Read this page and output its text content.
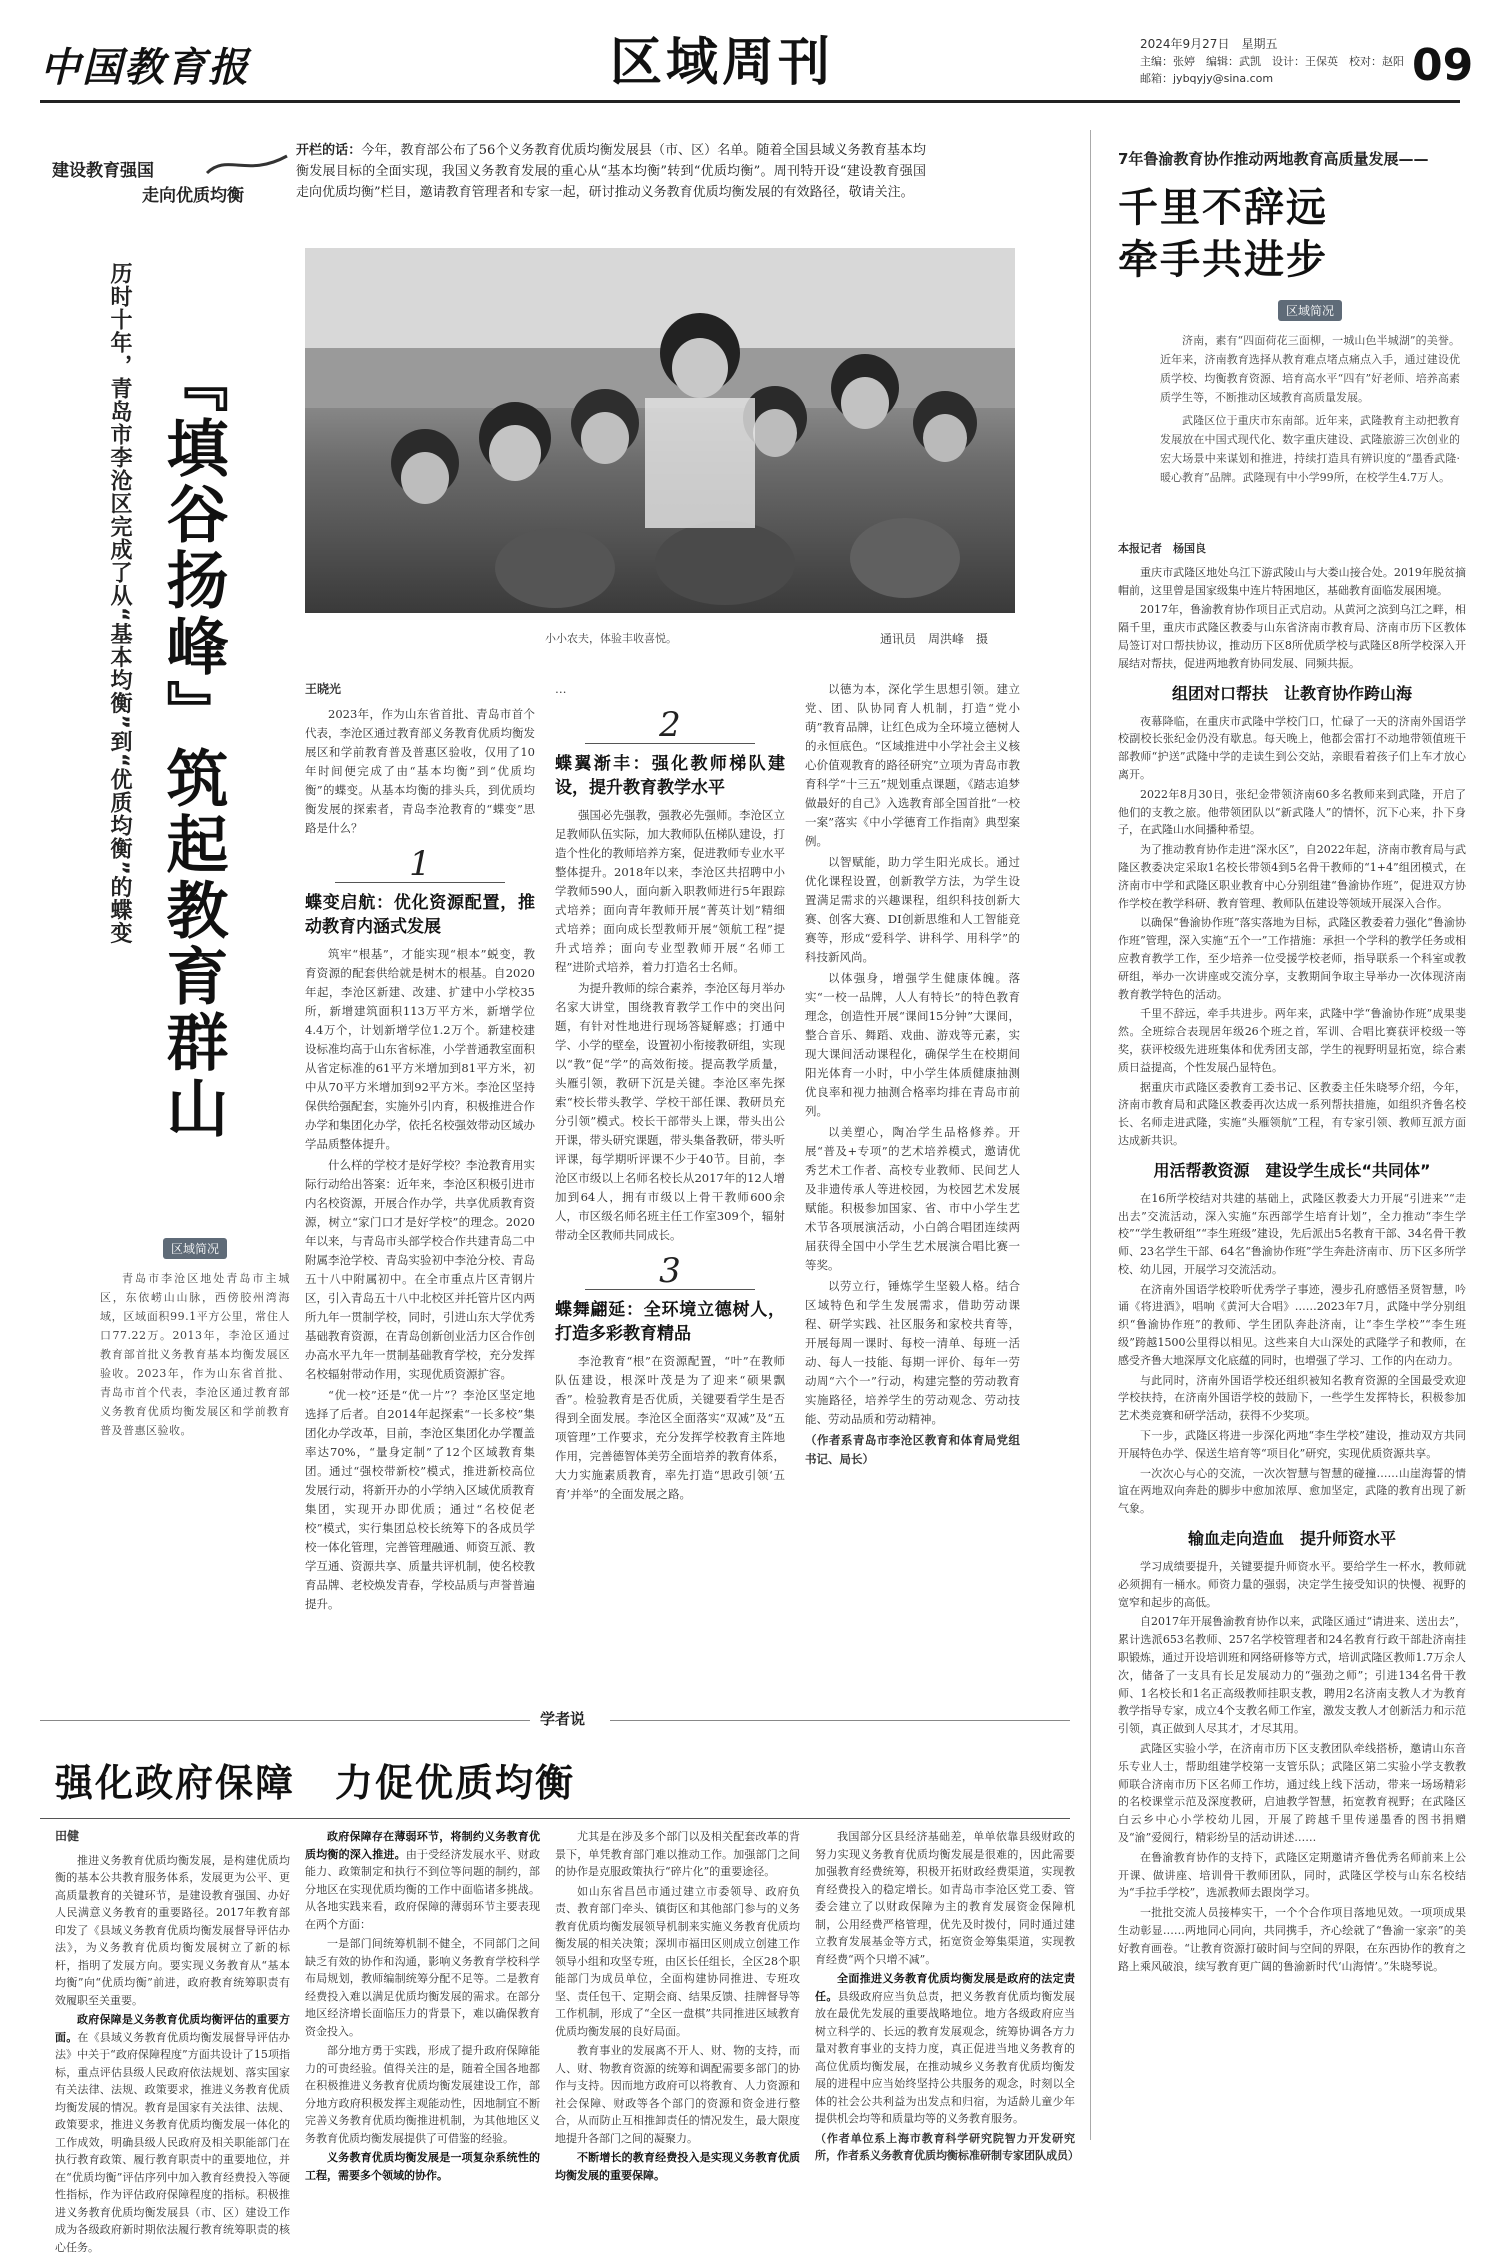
中国教育报	区域周刊	2024年9月27日　 星期五
主编：张婷　编辑：武凯　设计：王保英　校对：赵阳
邮箱：jybqyjy@sina.com	09
建设教育强国
走向优质均衡
开栏的话：今年，教育部公布了56个义务教育优质均衡发展县（市、区）名单。随着全国县域义务教育基本均衡发展目标的全面实现，我国义务教育发展的重心从“基本均衡”转到“优质均衡”。周刊特开设“建设教育强国　走向优质均衡”栏目，邀请教育管理者和专家一起，研讨推动义务教育优质均衡发展的有效路径，敬请关注。
历时十年，青岛市李沧区完成了从“基本均衡”到“优质均衡”的蝶变 『填谷扬峰』筑起教育群山
区域简况
青岛市李沧区地处青岛市主城区，东依崂山山脉，西傍胶州湾海域，区域面积99.1平方公里，常住人口77.22万。2013年，李沧区通过教育部首批义务教育基本均衡发展区验收。2023年，作为山东省首批、青岛市首个代表，李沧区通过教育部义务教育优质均衡发展区和学前教育普及普惠区验收。
小小农夫，体验丰收喜悦。	通讯员　周洪峰　摄

王晓光

2023年，作为山东省首批、青岛市首个代表，李沧区通过教育部义务教育优质均衡发展区和学前教育普及普惠区验收，仅用了10年时间便完成了由“基本均衡”到“优质均衡”的蝶变。从基本均衡的排头兵，到优质均衡发展的探索者，青岛李沧教育的“蝶变”思路是什么？

1
蝶变启航：优化资源配置，推动教育内涵式发展

筑牢“根基”，才能实现“根本”蜕变，教育资源的配套供给就是树木的根基。自2020年起，李沧区新建、改建、扩建中小学校35所，新增建筑面积113万平方米，新增学位4.4万个，计划新增学位1.2万个。新建校建设标准均高于山东省标准，小学普通教室面积从省定标准的61平方米增加到81平方米，初中从70平方米增加到92平方米。李沧区坚持保供给强配套，实施外引内育，积极推进合作办学和集团化办学，依托名校强效带动区域办学品质整体提升。

什么样的学校才是好学校？李沧教育用实际行动给出答案：近年来，李沧区积极引进市内名校资源，开展合作办学，共享优质教育资源，树立“家门口才是好学校”的理念。2020年以来，与青岛市头部学校合作共建青岛二中附属李沧学校、青岛实验初中李沧分校、青岛五十八中附属初中。在全市重点片区青钢片区，引入青岛五十八中北校区并托管片区内两所九年一贯制学校，同时，引进山东大学优秀基础教育资源，在青岛创新创业活力区合作创办高水平九年一贯制基础教育学校，充分发挥名校辐射带动作用，实现优质资源扩容。

“优一校”还是“优一片”？李沧区坚定地选择了后者。自2014年起探索“一长多校”集团化办学改革，目前，李沧区集团化办学覆盖率达70%，“量身定制”了12个区域教育集团。通过“强校带新校”模式，推进新校高位发展行动，将新开办的小学纳入区域优质教育集团，实现开办即优质；通过“名校促老校”模式，实行集团总校长统筹下的各成员学校一体化管理，完善管理融通、师资互派、教学互通、资源共享、质量共评机制，使名校教育品牌、老校焕发青春，学校品质与声誉普遍提升。

…

2
蝶翼渐丰：强化教师梯队建设，提升教育教学水平

强国必先强教，强教必先强师。李沧区立足教师队伍实际，加大教师队伍梯队建设，打造个性化的教师培养方案，促进教师专业水平整体提升。2018年以来，李沧区共招聘中小学教师590人，面向新入职教师进行5年跟踪式培养；面向青年教师开展“菁英计划”精细式培养；面向成长型教师开展“领航工程”提升式培养；面向专业型教师开展“名师工程”进阶式培养，着力打造名士名师。

为提升教师的综合素养，李沧区每月举办名家大讲堂，围绕教育教学工作中的突出问题，有针对性地进行现场答疑解惑；打通中学、小学的壁垒，设置初小衔接教研组，实现以“教”促“学”的高效衔接。提高教学质量，头雁引领，教研下沉是关键。李沧区率先探索“校长带头教学、学校干部任课、教研员充分引领”模式。校长干部带头上课，带头出公开课，带头研究课题，带头集备教研，带头听评课，每学期听评课不少于40节。目前，李沧区市级以上名师名校长从2017年的12人增加到64人，拥有市级以上骨干教师600余人，市区级名师名班主任工作室309个，辐射带动全区教师共同成长。

3
蝶舞翩延：全环境立德树人，打造多彩教育精品

李沧教育“根”在资源配置，“叶”在教师队伍建设，根深叶茂是为了迎来“硕果飘香”。检验教育是否优质，关键要看学生是否得到全面发展。李沧区全面落实“双减”及“五项管理”工作要求，充分发挥学校教育主阵地作用，完善德智体美劳全面培养的教育体系，大力实施素质教育，率先打造“思政引领‘五育’并举”的全面发展之路。

以德为本，深化学生思想引领。建立党、团、队协同育人机制，打造“党小萌”教育品牌，让红色成为全环境立德树人的永恒底色。“区域推进中小学社会主义核心价值观教育的路径研究”立项为青岛市教育科学“十三五”规划重点课题，《踏志追梦做最好的自己》入选教育部全国首批“一校一案”落实《中小学德育工作指南》典型案例。

以智赋能，助力学生阳光成长。通过优化课程设置，创新教学方法，为学生设置满足需求的兴趣课程，组织科技创新大赛、创客大赛、DI创新思维和人工智能竞赛等，形成“爱科学、讲科学、用科学”的科技新风尚。

以体强身，增强学生健康体魄。落实“一校一品牌，人人有特长”的特色教育理念，创造性开展“课间15分钟”大课间，整合音乐、舞蹈、戏曲、游戏等元素，实现大课间活动课程化，确保学生在校期间阳光体育一小时，中小学生体质健康抽测优良率和视力抽测合格率均排在青岛市前列。

以美塑心，陶冶学生品格修养。开展“普及+专项”的艺术培养模式，邀请优秀艺术工作者、高校专业教师、民间艺人及非遗传承人等进校园，为校园艺术发展赋能。积极参加国家、省、市中小学生艺术节各项展演活动，小白鸽合唱团连续两届获得全国中小学生艺术展演合唱比赛一等奖。

以劳立行，锤炼学生坚毅人格。结合区域特色和学生发展需求，借助劳动课程、研学实践、社区服务和家校共育等，开展每周一课时、每校一清单、每班一活动、每人一技能、每期一评价、每年一劳动周“六个一”行动，构建完整的劳动教育实施路径，培养学生的劳动观念、劳动技能、劳动品质和劳动精神。

（作者系青岛市李沧区教育和体育局党组书记、局长）

学者说
强化政府保障　力促优质均衡

田健

推进义务教育优质均衡发展，是构建优质均衡的基本公共教育服务体系，发展更为公平、更高质量教育的关键环节，是建设教育强国、办好人民满意义务教育的重要路径。2017年教育部印发了《县域义务教育优质均衡发展督导评估办法》，为义务教育优质均衡发展树立了新的标杆，指明了发展方向。要实现义务教育从“基本均衡”向“优质均衡”前进，政府教育统筹职责有效履职至关重要。

政府保障是义务教育优质均衡评估的重要方面。在《县域义务教育优质均衡发展督导评估办法》中关于“政府保障程度”方面共设计了15项指标，重点评估县级人民政府依法规划、落实国家有关法律、法规、政策要求，推进义务教育优质均衡发展的情况。教育是国家有关法律、法规、政策要求，推进义务教育优质均衡发展一体化的工作成效，明确县级人民政府及相关职能部门在执行教育政策、履行教育职责中的重要地位，并在“优质均衡”评估序列中加入教育经费投入等硬性指标，作为评估政府保障程度的指标。积极推进义务教育优质均衡发展县（市、区）建设工作成为各级政府新时期依法履行教育统筹职责的核心任务。

政府保障存在薄弱环节，将制约义务教育优质均衡的深入推进。由于受经济发展水平、财政能力、政策制定和执行不到位等问题的制约，部分地区在实现优质均衡的工作中面临诸多挑战。从各地实践来看，政府保障的薄弱环节主要表现在两个方面：

一是部门间统筹机制不健全，不同部门之间缺乏有效的协作和沟通，影响义务教育学校科学布局规划，教师编制统筹分配不足等。二是教育经费投入难以满足优质均衡发展的需求。在部分地区经济增长面临压力的背景下，难以确保教育资金投入。

部分地方勇于实践，形成了提升政府保障能力的可贵经验。值得关注的是，随着全国各地都在积极推进义务教育优质均衡发展建设工作，部分地方政府积极发挥主观能动性，因地制宜不断完善义务教育优质均衡推进机制，为其他地区义务教育优质均衡发展提供了可借鉴的经验。

义务教育优质均衡发展是一项复杂系统性的工程，需要多个领域的协作。

尤其是在涉及多个部门以及相关配套改革的背景下，单凭教育部门难以推动工作。加强部门之间的协作是克服政策执行“碎片化”的重要途径。

如山东省昌邑市通过建立市委领导、政府负责、教育部门牵头、镇街区和其他部门参与的义务教育优质均衡发展领导机制来实施义务教育优质均衡发展的相关决策；深圳市福田区则成立创建工作领导小组和攻坚专班，由区长任组长，全区28个职能部门为成员单位，全面构建协同推进、专班攻坚、责任包干、定期会商、结果反馈、挂牌督导等工作机制，形成了“全区一盘棋”共同推进区域教育优质均衡发展的良好局面。

教育事业的发展离不开人、财、物的支持，而人、财、物教育资源的统筹和调配需要多部门的协作与支持。因而地方政府可以将教育、人力资源和社会保障、财政等各个部门的资源和资金进行整合，从而防止互相推卸责任的情况发生，最大限度地提升各部门之间的凝聚力。

不断增长的教育经费投入是实现义务教育优质均衡发展的重要保障。

我国部分区县经济基础差，单单依靠县级财政的努力实现义务教育优质均衡发展是很难的，因此需要加强教育经费统筹，积极开拓财政经费渠道，实现教育经费投入的稳定增长。如青岛市李沧区党工委、管委会建立了以财政保障为主的教育发展资金保障机制，公用经费严格管理，优先及时拨付，同时通过建立教育发展基金等方式，拓宽资金筹集渠道，实现教育经费“两个只增不减”。

全面推进义务教育优质均衡发展是政府的法定责任。县级政府应当负总责，把义务教育优质均衡发展放在最优先发展的重要战略地位。地方各级政府应当树立科学的、长远的教育发展观念，统筹协调各方力量对教育事业的支持力度，真正促进当地义务教育的高位优质均衡发展，在推动城乡义务教育优质均衡发展的进程中应当始终坚持公共服务的观念，时刻以全体的社会公共利益为出发点和归宿，为适龄儿童少年提供机会均等和质量均等的义务教育服务。

（作者单位系上海市教育科学研究院智力开发研究所，作者系义务教育优质均衡标准研制专家团队成员）

7年鲁渝教育协作推动两地教育高质量发展——
千里不辞远
牵手共进步
区域简况
济南，素有“四面荷花三面柳，一城山色半城湖”的美誉。近年来，济南教育选择从教育难点堵点痛点入手，通过建设优质学校、均衡教育资源、培育高水平“四有”好老师、培养高素质学生等，不断推动区域教育高质量发展。
武隆区位于重庆市东南部。近年来，武隆教育主动把教育发展放在中国式现代化、数字重庆建设、武隆旅游三次创业的宏大场景中来谋划和推进，持续打造具有辨识度的“墨香武隆·暖心教育”品牌。武隆现有中小学99所，在校学生4.7万人。

本报记者　杨国良

重庆市武隆区地处乌江下游武陵山与大娄山接合处。2019年脱贫摘帽前，这里曾是国家级集中连片特困地区，基础教育面临发展困境。

2017年，鲁渝教育协作项目正式启动。从黄河之滨到乌江之畔，相隔千里，重庆市武隆区教委与山东省济南市教育局、济南市历下区教体局签订对口帮扶协议，推动历下区8所优质学校与武隆区8所学校深入开展结对帮扶，促进两地教育协同发展、同频共振。

组团对口帮扶　让教育协作跨山海

夜幕降临，在重庆市武隆中学校门口，忙碌了一天的济南外国语学校副校长张纪金仍没有歇息。每天晚上，他都会雷打不动地带领值班干部教师“护送”武隆中学的走读生到公交站，亲眼看着孩子们上车才放心离开。

2022年8月30日，张纪金带领济南60多名教师来到武隆，开启了他们的支教之旅。他带领团队以“新武隆人”的情怀，沉下心来，扑下身子，在武隆山水间播种希望。

为了推动教育协作走进“深水区”，自2022年起，济南市教育局与武隆区教委决定采取1名校长带领4到5名骨干教师的“1+4”组团模式，在济南市中学和武隆区职业教育中心分别组建“鲁渝协作班”，促进双方协作学校在教学科研、教育管理、教师队伍建设等领域开展深入合作。

以确保“鲁渝协作班”落实落地为目标，武隆区教委着力强化“鲁渝协作班”管理，深入实施“五个一”工作措施：承担一个学科的教学任务或相应教育教学工作，至少培养一位受援学校老师，指导联系一个科室或教研组，举办一次讲座或交流分享，支教期间争取主导举办一次体现济南教育教学特色的活动。

千里不辞远，牵手共进步。两年来，武隆中学“鲁渝协作班”成果斐然。全班综合表现居年级26个班之首，军训、合唱比赛获评校级一等奖，获评校级先进班集体和优秀团支部，学生的视野明显拓宽，综合素质日益提高，个性发展凸显特色。

据重庆市武隆区委教育工委书记、区教委主任朱晓琴介绍，今年，济南市教育局和武隆区教委再次达成一系列帮扶措施，如组织齐鲁名校长、名师走进武隆，实施“头雁领航”工程，有专家引领、教师互派方面达成新共识。

用活帮教资源　建设学生成长“共同体”

在16所学校结对共建的基础上，武隆区教委大力开展“引进来”“走出去”交流活动，深入实施“东西部学生培育计划”，全力推动“李生学校”“学生教研组”“李生班级”建设，先后派出5名教育干部、34名骨干教师、23名学生干部、64名“鲁渝协作班”学生奔赴济南市、历下区多所学校、幼儿园，开展学习交流活动。

在济南外国语学校聆听优秀学子事迹，漫步孔府感悟圣贤智慧，吟诵《将进酒》，唱响《黄河大合唱》……2023年7月，武隆中学分别组织“鲁渝协作班”的教师、学生团队奔赴济南，让“李生学校”“李生班级”跨越1500公里得以相见。这些来自大山深处的武隆学子和教师，在感受齐鲁大地深厚文化底蕴的同时，也增强了学习、工作的内在动力。

与此同时，济南外国语学校还组织被知名教育资源的全国最受欢迎学校扶持，在济南外国语学校的鼓励下，一些学生发挥特长，积极参加艺术类竞赛和研学活动，获得不少奖项。

下一步，武隆区将进一步深化两地“李生学校”建设，推动双方共同开展特色办学、保送生培育等“项目化”研究，实现优质资源共享。

一次次心与心的交流，一次次智慧与智慧的碰撞……山崖海誓的情谊在两地双向奔赴的脚步中愈加浓厚、愈加坚定，武隆的教育出现了新气象。

输血走向造血　提升师资水平

学习成绩要提升，关键要提升师资水平。要给学生一杯水，教师就必须拥有一桶水。师资力量的强弱，决定学生接受知识的快慢、视野的宽窄和起步的高低。

自2017年开展鲁渝教育协作以来，武隆区通过“请进来、送出去”，累计选派653名教师、257名学校管理者和24名教育行政干部赴济南挂职锻炼，通过开设培训班和网络研修等方式，培训武隆区教师1.7万余人次，储备了一支具有长足发展动力的“强劲之师”；引进134名骨干教师、1名校长和1名正高级教师挂职支教，聘用2名济南支教人才为教育教学指导专家，成立4个支教名师工作室，激发支教人才创新活力和示范引领，真正做到人尽其才，才尽其用。

武隆区实验小学，在济南市历下区支教团队牵线搭桥，邀请山东音乐专业人士，帮助组建学校第一支管乐队；武隆区第二实验小学支教教师联合济南市历下区名师工作坊，通过线上线下活动，带来一场场精彩的名校课堂示范及深度教研，启迪教学智慧，拓宽教育视野；在武隆区白云乡中心小学校幼儿园，开展了跨越千里传递墨香的图书捐赠及“渝”爱阅行，精彩纷呈的活动讲述……

在鲁渝教育协作的支持下，武隆区定期邀请齐鲁优秀名师前来上公开课、做讲座、培训骨干教师团队，同时，武隆区学校与山东名校结为“手拉手学校”，选派教师去跟岗学习。

一批批交流人员接棒实干，一个个合作项目落地见效。一项项成果生动彰显……两地同心同向，共同携手，齐心绘就了“鲁渝一家亲”的美好教育画卷。“让教育资源打破时间与空间的界限，在东西协作的教育之路上乘风破浪，续写教育更广阔的鲁渝新时代‘山海情’。”朱晓琴说。
